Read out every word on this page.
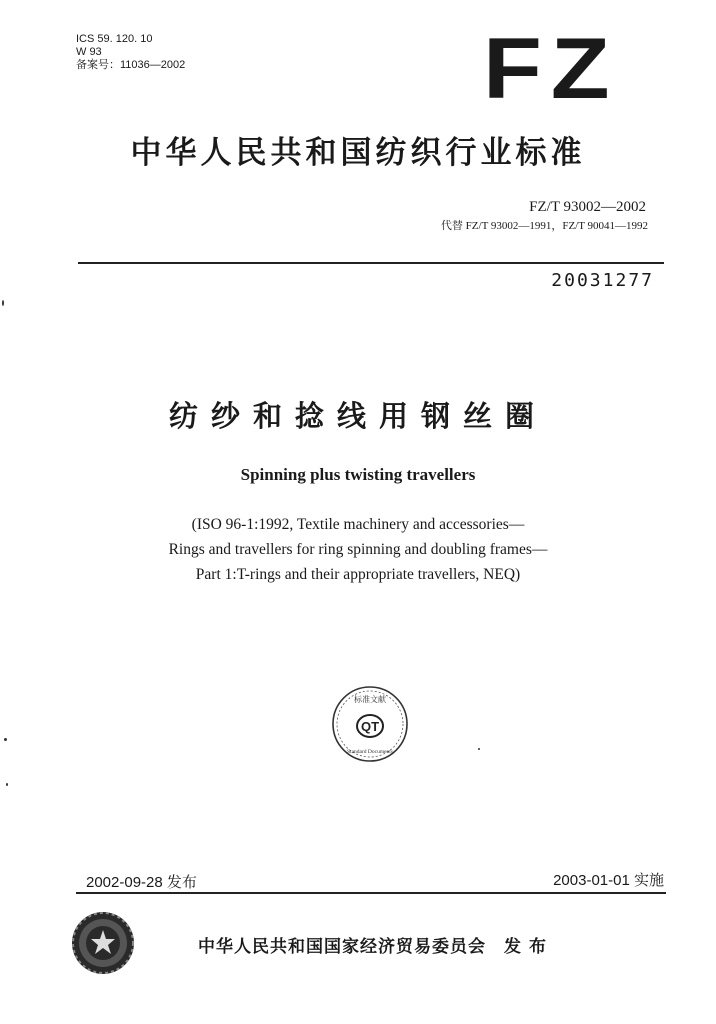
ICS 59. 120. 10
W 93
备案号：11036—2002	FZ
中华人民共和国纺织行业标准
FZ/T 93002—2002
代替 FZ/T 93002—1991，FZ/T 90041—1992
20031277
纺纱和捻线用钢丝圈
Spinning plus twisting travellers
(ISO 96-1:1992, Textile machinery and accessories—
Rings and travellers for ring spinning and doubling frames—
Part 1:T-rings and their appropriate travellers, NEQ)
QT
标准文献
Standard Documents
2002-09-28 发布	2003-01-01 实施
中华人民共和国国家经济贸易委员会 发布
